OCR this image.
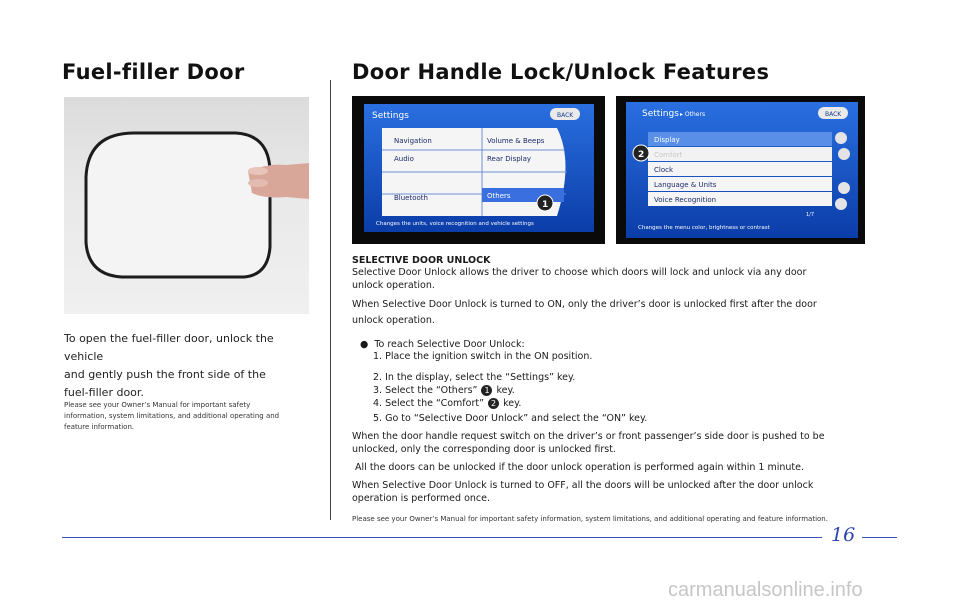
Fuel-filler Door	Door Handle Lock/Unlock Features
To open the fuel-filler door, unlock the vehicle
and gently push the front side of the
fuel-filler door.
Please see your Owner’s Manual for important safety
information, system limitations, and additional operating and
feature information.
Settings	BACK
Navigation
Audio
Bluetooth
Volume & Beeps
Rear Display
Others
Changes the units, voice recognition and vehicle settings
1
Settings ▸ Others	BACK
Display
Comfort
Clock
Language & Units
Voice Recognition
1/7
Changes the menu color, brightness or contrast
2
SELECTIVE DOOR UNLOCK
Selective Door Unlock allows the driver to choose which doors will lock and unlock via any door
unlock operation.
When Selective Door Unlock is turned to ON, only the driver’s door is unlocked first after the door
unlock operation.
● To reach Selective Door Unlock:
1. Place the ignition switch in the ON position.
2. In the display, select the “Settings” key.
3. Select the “Others” 1 key.
4. Select the “Comfort” 2 key.
5. Go to “Selective Door Unlock” and select the “ON” key.
When the door handle request switch on the driver’s or front passenger’s side door is pushed to be
unlocked, only the corresponding door is unlocked first.
All the doors can be unlocked if the door unlock operation is performed again within 1 minute.
When Selective Door Unlock is turned to OFF, all the doors will be unlocked after the door unlock
operation is performed once.
Please see your Owner’s Manual for important safety information, system limitations, and additional operating and feature information.
16
carmanualsonline.info
